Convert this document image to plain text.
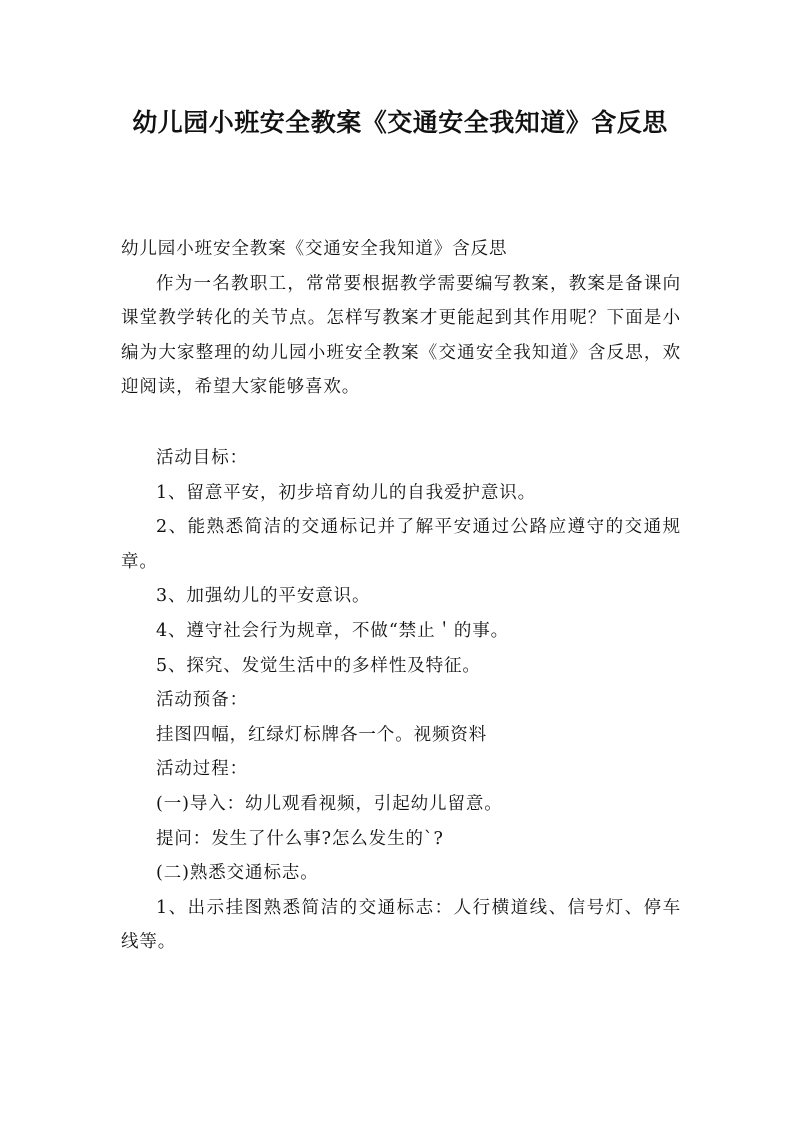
幼儿园小班安全教案《交通安全我知道》含反思

幼儿园小班安全教案《交通安全我知道》含反思

作为一名教职工，常常要根据教学需要编写教案，教案是备课向课堂教学转化的关节点。怎样写教案才更能起到其作用呢？下面是小编为大家整理的幼儿园小班安全教案《交通安全我知道》含反思，欢迎阅读，希望大家能够喜欢。

活动目标：

1、留意平安，初步培育幼儿的自我爱护意识。

2、能熟悉简洁的交通标记并了解平安通过公路应遵守的交通规章。

3、加强幼儿的平安意识。

4、遵守社会行为规章，不做“禁止＇的事。

5、探究、发觉生活中的多样性及特征。

活动预备：

挂图四幅，红绿灯标牌各一个。视频资料

活动过程：

(一)导入：幼儿观看视频，引起幼儿留意。

提问：发生了什么事?怎么发生的`?

(二)熟悉交通标志。

1、出示挂图熟悉简洁的交通标志：人行横道线、信号灯、停车线等。
